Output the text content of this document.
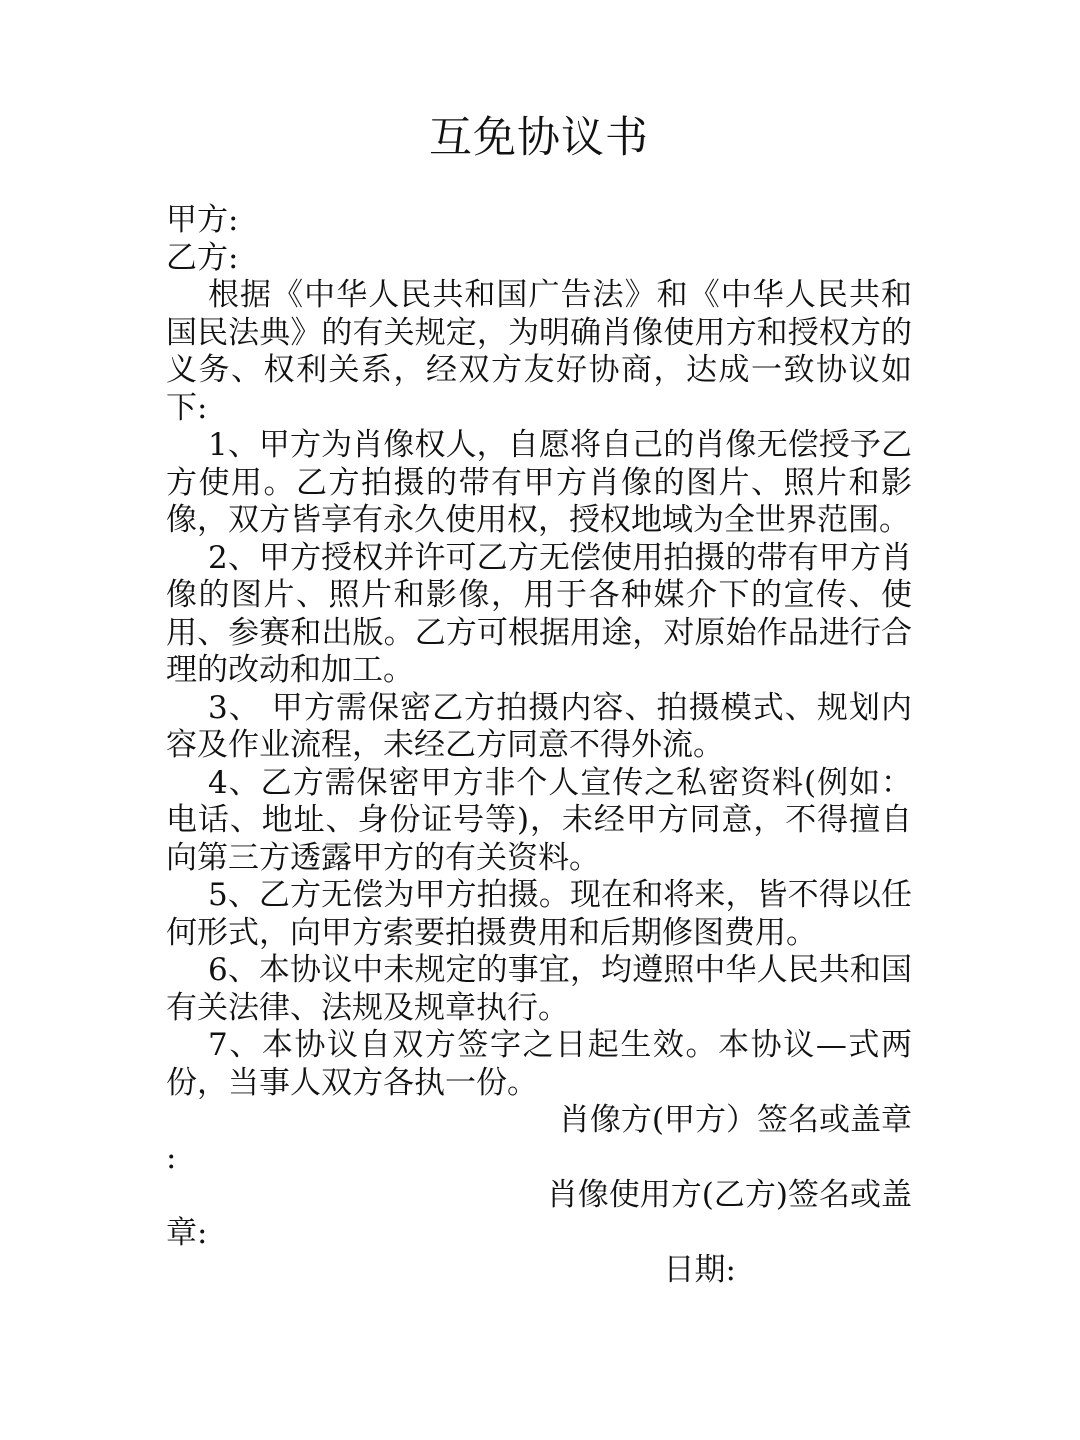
互免协议书

甲方:

乙方:

根据《中华人民共和国广告法》和《中华人民共和国民法典》的有关规定，为明确肖像使用方和授权方的义务、权利关系，经双方友好协商，达成一致协议如下:

1、甲方为肖像权人，自愿将自己的肖像无偿授予乙方使用。乙方拍摄的带有甲方肖像的图片、照片和影像，双方皆享有永久使用权，授权地域为全世界范围。

2、甲方授权并许可乙方无偿使用拍摄的带有甲方肖像的图片、照片和影像，用于各种媒介下的宣传、使用、参赛和出版。乙方可根据用途，对原始作品进行合理的改动和加工。

3、 甲方需保密乙方拍摄内容、拍摄模式、规划内容及作业流程，未经乙方同意不得外流。

4、乙方需保密甲方非个人宣传之私密资料(例如：电话、地址、身份证号等)，未经甲方同意，不得擅自向第三方透露甲方的有关资料。

5、乙方无偿为甲方拍摄。现在和将来，皆不得以任何形式，向甲方索要拍摄费用和后期修图费用。

6、本协议中未规定的事宜，均遵照中华人民共和国有关法律、法规及规章执行。

7、本协议自双方签字之日起生效。本协议—式两份，当事人双方各执一份。

肖像方(甲方）签名或盖章

:

肖像使用方(乙方)签名或盖

章:

日期:
